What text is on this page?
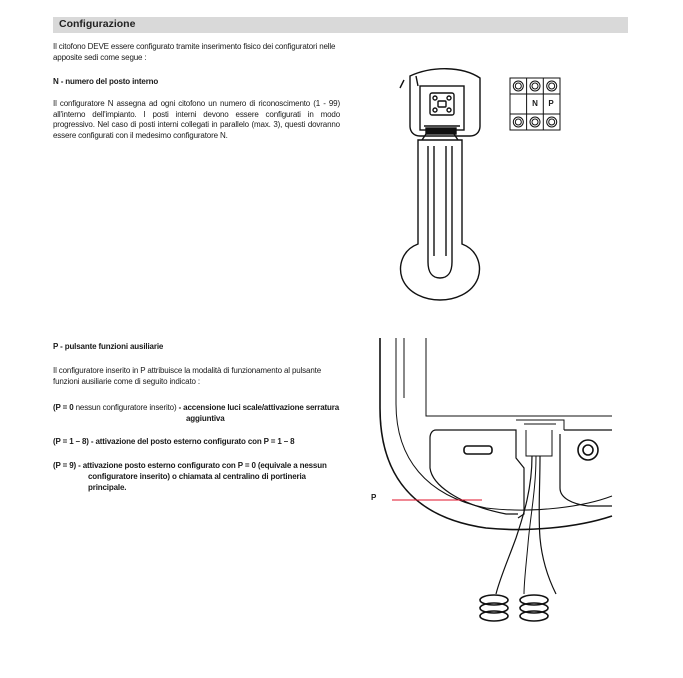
Configurazione
Il citofono DEVE essere configurato tramite inserimento fisico dei configuratori nelle apposite sedi come segue :
N - numero del posto interno
Il configuratore N assegna ad ogni citofono un numero di riconoscimento (1 - 99) all'interno dell'impianto. I posti interni devono essere configurati in modo progressivo. Nel caso di posti interni collegati in parallelo (max. 3), questi dovranno essere configurati con il medesimo configuratore N.
P - pulsante funzioni ausiliarie
Il configuratore inserito in P attribuisce la modalità di funzionamento al pulsante funzioni ausiliarie come di seguito indicato :
(P = 0 nessun configuratore inserito) - accensione luci scale/attivazione serratura
aggiuntiva
(P = 1 – 8) - attivazione del posto esterno configurato con P = 1 – 8
(P = 9) - attivazione posto esterno configurato con P = 0 (equivale a nessun
configuratore inserito) o chiamata al centralino di portineria
principale.
N	P
P
